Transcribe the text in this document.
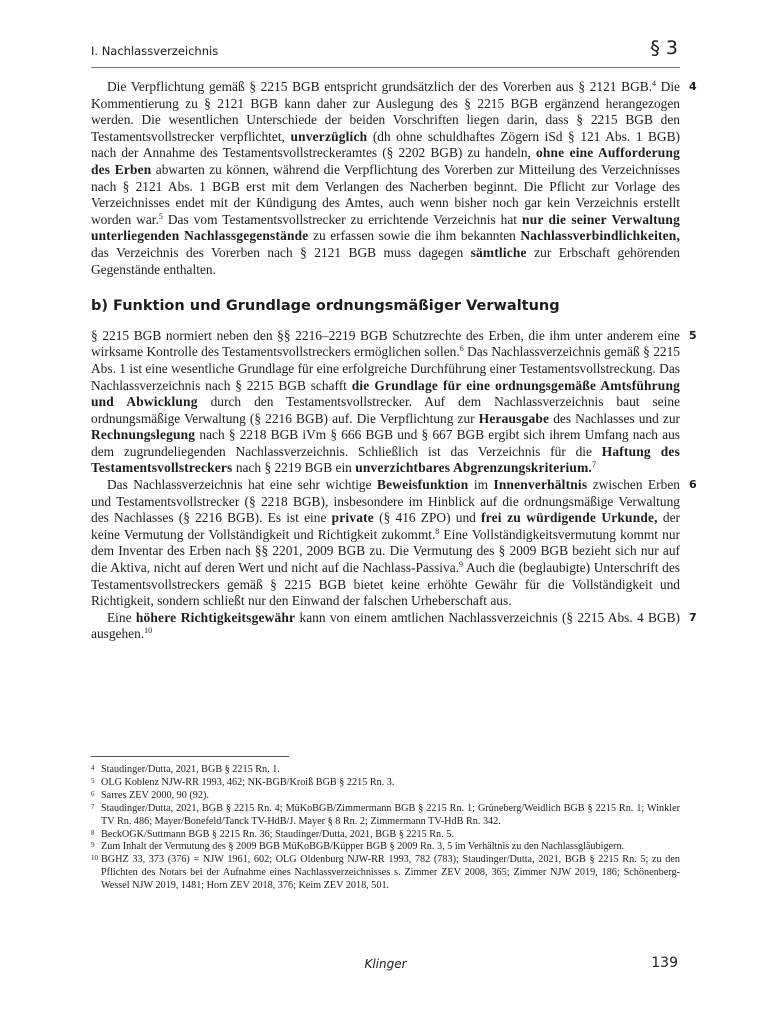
I. Nachlassverzeichnis	§ 3

4
Die Verpflichtung gemäß § 2215 BGB entspricht grundsätzlich der des Vorerben aus § 2121 BGB.$^4$ Die Kommentierung zu § 2121 BGB kann daher zur Auslegung des § 2215 BGB ergänzend herangezogen werden. Die wesentlichen Unterschiede der beiden Vorschriften liegen darin, dass § 2215 BGB den Testamentsvollstrecker verpflichtet, unverzüglich (dh ohne schuldhaftes Zögern iSd § 121 Abs. 1 BGB) nach der Annahme des Testamentsvollstreckeramtes (§ 2202 BGB) zu handeln, ohne eine Aufforderung des Erben abwarten zu können, während die Verpflichtung des Vorerben zur Mitteilung des Verzeichnisses nach § 2121 Abs. 1 BGB erst mit dem Verlangen des Nacherben beginnt. Die Pflicht zur Vorlage des Verzeichnisses endet mit der Kündigung des Amtes, auch wenn bisher noch gar kein Verzeichnis erstellt worden war.$^5$ Das vom Testamentsvollstrecker zu errichtende Verzeichnis hat nur die seiner Verwaltung unterliegenden Nachlassgegenstände zu erfassen sowie die ihm bekannten Nachlassverbindlichkeiten, das Verzeichnis des Vorerben nach § 2121 BGB muss dagegen sämtliche zur Erbschaft gehörenden Gegenstände enthalten.

b) Funktion und Grundlage ordnungsmäßiger Verwaltung

5
§ 2215 BGB normiert neben den §§ 2216–2219 BGB Schutzrechte des Erben, die ihm unter anderem eine wirksame Kontrolle des Testamentsvollstreckers ermöglichen sollen.$^6$ Das Nachlassverzeichnis gemäß § 2215 Abs. 1 ist eine wesentliche Grundlage für eine erfolgreiche Durchführung einer Testamentsvollstreckung. Das Nachlassverzeichnis nach § 2215 BGB schafft die Grundlage für eine ordnungsgemäße Amtsführung und Abwicklung durch den Testamentsvollstrecker. Auf dem Nachlassverzeichnis baut seine ordnungsmäßige Verwaltung (§ 2216 BGB) auf. Die Verpflichtung zur Herausgabe des Nachlasses und zur Rechnungslegung nach § 2218 BGB iVm § 666 BGB und § 667 BGB ergibt sich ihrem Umfang nach aus dem zugrundeliegenden Nachlassverzeichnis. Schließlich ist das Verzeichnis für die Haftung des Testamentsvollstreckers nach § 2219 BGB ein unverzichtbares Abgrenzungskriterium.$^7$

6
Das Nachlassverzeichnis hat eine sehr wichtige Beweisfunktion im Innenverhältnis zwischen Erben und Testamentsvollstrecker (§ 2218 BGB), insbesondere im Hinblick auf die ordnungsmäßige Verwaltung des Nachlasses (§ 2216 BGB). Es ist eine private (§ 416 ZPO) und frei zu würdigende Urkunde, der keine Vermutung der Vollständigkeit und Richtigkeit zukommt.$^8$ Eine Vollständigkeitsvermutung kommt nur dem Inventar des Erben nach §§ 2201, 2009 BGB zu. Die Vermutung des § 2009 BGB bezieht sich nur auf die Aktiva, nicht auf deren Wert und nicht auf die Nachlass-Passiva.$^9$ Auch die (beglaubigte) Unterschrift des Testamentsvollstreckers gemäß § 2215 BGB bietet keine erhöhte Gewähr für die Vollständigkeit und Richtigkeit, sondern schließt nur den Einwand der falschen Urheberschaft aus.

7
Eine höhere Richtigkeitsgewähr kann von einem amtlichen Nachlassverzeichnis (§ 2215 Abs. 4 BGB) ausgehen.$^{10}$

4 Staudinger/Dutta, 2021, BGB § 2215 Rn. 1.

5 OLG Koblenz NJW-RR 1993, 462; NK-BGB/Kroiß BGB § 2215 Rn. 3.

6 Sarres ZEV 2000, 90 (92).

7 Staudinger/Dutta, 2021, BGB § 2215 Rn. 4; MüKoBGB/Zimmermann BGB § 2215 Rn. 1; Grüneberg/Weidlich BGB § 2215 Rn. 1; Winkler TV Rn. 486; Mayer/Bonefeld/Tanck TV-HdB/J. Mayer § 8 Rn. 2; Zimmermann TV-HdB Rn. 342.

8 BeckOGK/Suttmann BGB § 2215 Rn. 36; Staudinger/Dutta, 2021, BGB § 2215 Rn. 5.

9 Zum Inhalt der Vermutung des § 2009 BGB MüKoBGB/Küpper BGB § 2009 Rn. 3, 5 im Verhältnis zu den Nachlassgläubigern.

10 BGHZ 33, 373 (376) = NJW 1961, 602; OLG Oldenburg NJW-RR 1993, 782 (783); Staudinger/Dutta, 2021, BGB § 2215 Rn. 5; zu den Pflichten des Notars bei der Aufnahme eines Nachlassverzeichnisses s. Zimmer ZEV 2008, 365; Zimmer NJW 2019, 186; Schönenberg-Wessel NJW 2019, 1481; Horn ZEV 2018, 376; Keim ZEV 2018, 501.

Klinger	139
